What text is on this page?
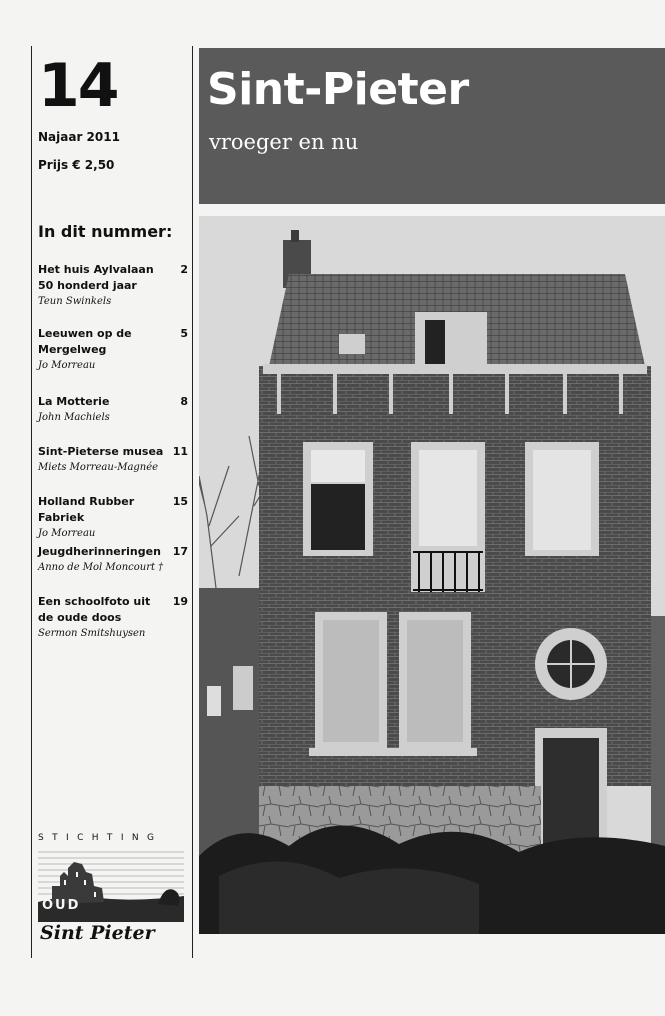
14
Najaar 2011
Prijs € 2,50
In dit nummer:
Het huis Aylvalaan 50 honderd jaar
2
Teun Swinkels
Leeuwen op de Mergelweg
5
Jo Morreau
La Motterie	8
John Machiels
Sint-Pieterse musea 11
Miets Morreau-Magnée
Holland Rubber Fabriek
15
Jo Morreau
Jeugdherinneringen	17
Anno de Mol Moncourt †
Een schoolfoto uit de oude doos
19
Sermon Smitshuysen
STICHTING
OUD
Sint Pieter
Sint-Pieter
vroeger en nu
